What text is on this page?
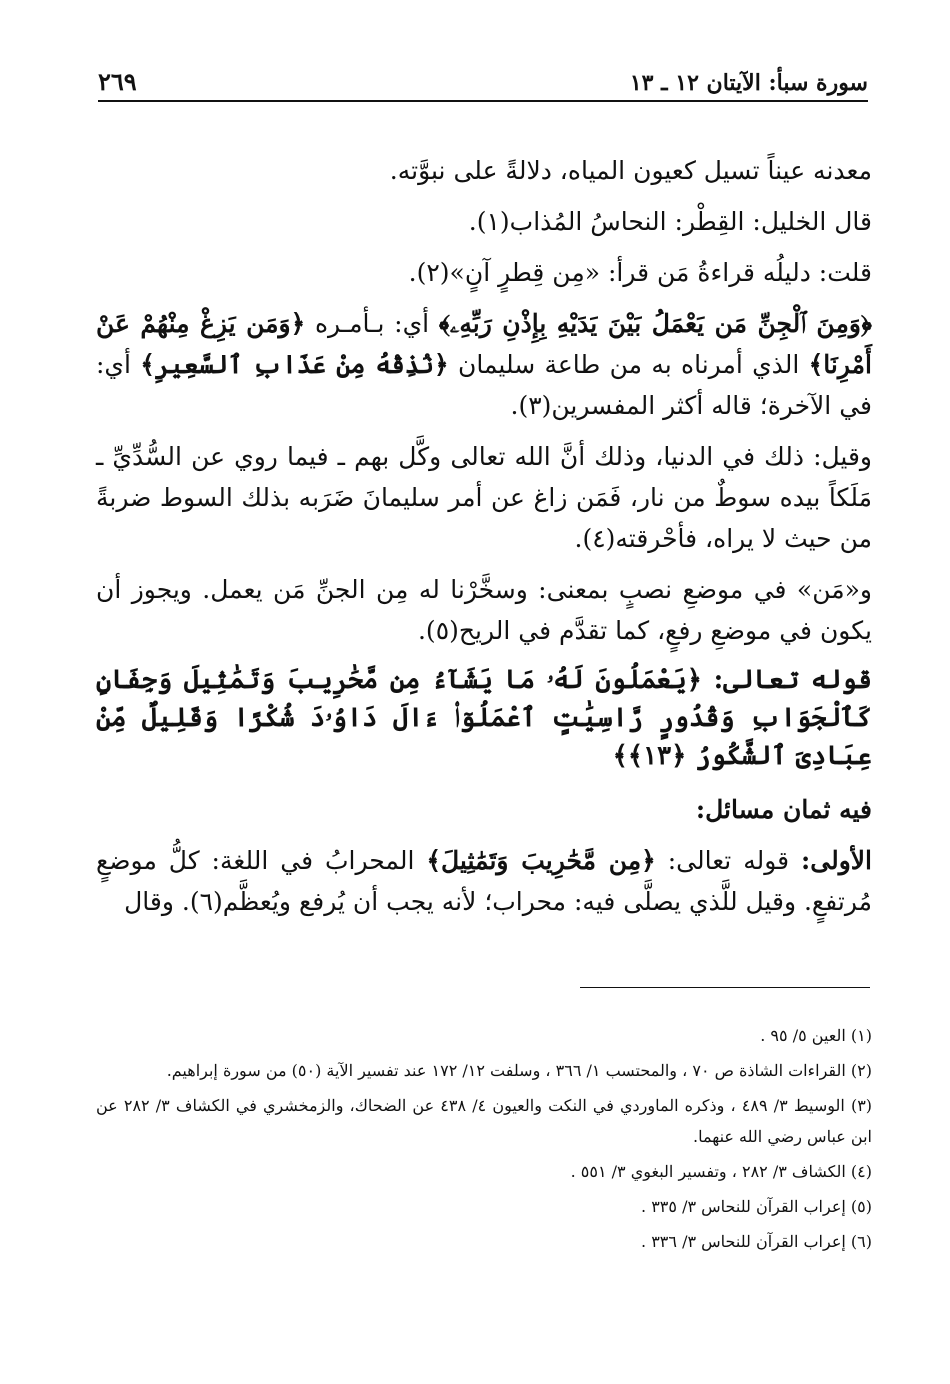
سورة سبأ: الآيتان ١٢ ـ ١٣
٢٦٩

معدنه عيناً تسيل كعيون المياه، دلالةً على نبوَّته.

قال الخليل: القِطْر: النحاسُ المُذاب(١).

قلت: دليلُه قراءةُ مَن قرأ: «مِن قِطرٍ آنٍ»(٢).

﴿وَمِنَ ٱلْجِنِّ مَن يَعْمَلُ بَيْنَ يَدَيْهِ بِإِذْنِ رَبِّهِۦ﴾ أي: بـأمـره ﴿وَمَن يَزِغْ مِنْهُمْ عَنْ أَمْرِنَا﴾ الذي أمرناه به من طاعة سليمان ﴿نُذِقْهُ مِنْ عَذَابِ ٱلسَّعِيرِ﴾ أي: في الآخرة؛ قاله أكثر المفسرين(٣).

وقيل: ذلك في الدنيا، وذلك أنَّ الله تعالى وكَّل بهم ـ فيما روي عن السُّدِّيِّ ـ مَلَكاً بيده سوطٌ من نار، فَمَن زاغ عن أمر سليمانَ ضَرَبه بذلك السوط ضربةً من حيث لا يراه، فأحْرقته(٤).

و«مَن» في موضعِ نصبٍ بمعنى: وسخَّرْنا له مِن الجنِّ مَن يعمل. ويجوز أن يكون في موضعِ رفعٍ، كما تقدَّم في الريح(٥).

قوله تعالى: ﴿يَعْمَلُونَ لَهُۥ مَا يَشَآءُ مِن مَّحَٰرِيبَ وَتَمَٰثِيلَ وَجِفَانٍ كَٱلْجَوَابِ وَقُدُورٍ رَّاسِيَٰتٍ ٱعْمَلُوٓا۟ ءَالَ دَاوُۥدَ شُكْرًا وَقَلِيلٌ مِّنْ عِبَادِىَ ٱلشَّكُورُ ﴿١٣﴾﴾

فيه ثمان مسائل:

الأولى: قوله تعالى: ﴿مِن مَّحَٰرِيبَ وَتَمَٰثِيلَ﴾ المحرابُ في اللغة: كلُّ موضعٍ مُرتفعٍ. وقيل للَّذي يصلَّى فيه: محراب؛ لأنه يجب أن يُرفع ويُعظَّم(٦). وقال

(١) العين ٥/ ٩٥ .

(٢) القراءات الشاذة ص ٧٠ ، والمحتسب ١/ ٣٦٦ ، وسلفت ١٢/ ١٧٢ عند تفسير الآية (٥٠) من سورة إبراهيم.

(٣) الوسيط ٣/ ٤٨٩ ، وذكره الماوردي في النكت والعيون ٤/ ٤٣٨ عن الضحاك، والزمخشري في الكشاف ٣/ ٢٨٢ عن ابن عباس رضي الله عنهما.

(٤) الكشاف ٣/ ٢٨٢ ، وتفسير البغوي ٣/ ٥٥١ .

(٥) إعراب القرآن للنحاس ٣/ ٣٣٥ .

(٦) إعراب القرآن للنحاس ٣/ ٣٣٦ .
